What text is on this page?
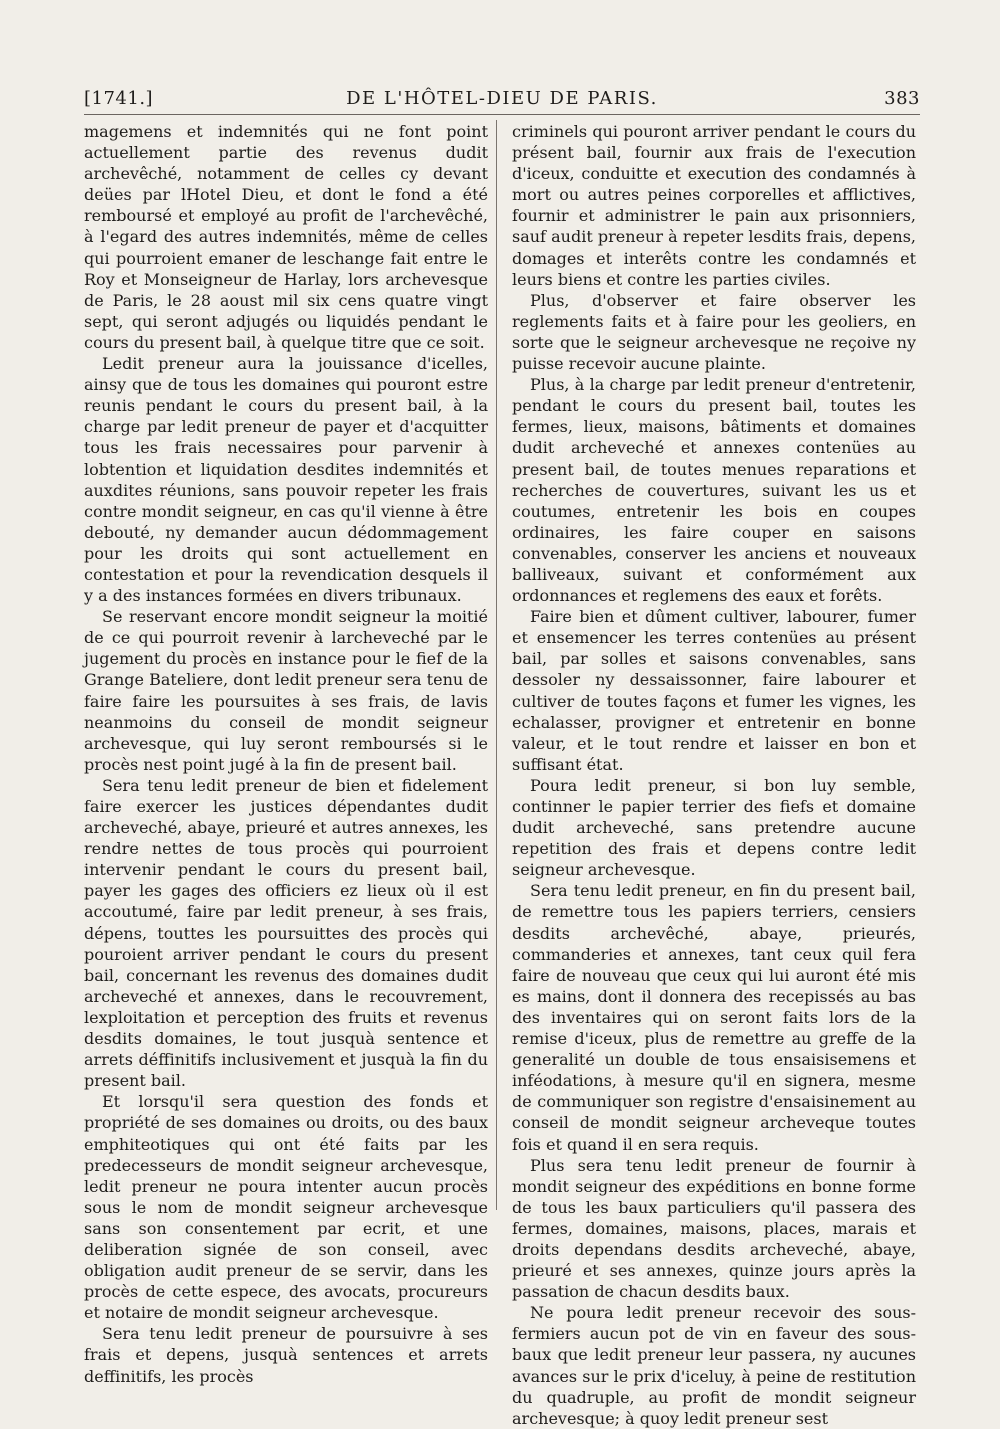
[1741.]	DE L'HÔTEL-DIEU DE PARIS.	383

magemens et indemnités qui ne font point actuellement partie des revenus dudit archevêché, notamment de celles cy devant deües par lHotel Dieu, et dont le fond a été remboursé et employé au profit de l'archevêché, à l'egard des autres indemnités, même de celles qui pourroient emaner de leschange fait entre le Roy et Monseigneur de Harlay, lors archevesque de Paris, le 28 aoust mil six cens quatre vingt sept, qui seront adjugés ou liquidés pendant le cours du present bail, à quelque titre que ce soit.

Ledit preneur aura la jouissance d'icelles, ainsy que de tous les domaines qui pouront estre reunis pendant le cours du present bail, à la charge par ledit preneur de payer et d'acquitter tous les frais necessaires pour parvenir à lobtention et liquidation desdites indemnités et auxdites réunions, sans pouvoir repeter les frais contre mondit seigneur, en cas qu'il vienne à être debouté, ny demander aucun dédommagement pour les droits qui sont actuellement en contestation et pour la revendication desquels il y a des instances formées en divers tribunaux.

Se reservant encore mondit seigneur la moitié de ce qui pourroit revenir à larcheveché par le jugement du procès en instance pour le fief de la Grange Bateliere, dont ledit preneur sera tenu de faire faire les poursuites à ses frais, de lavis neanmoins du conseil de mondit seigneur archevesque, qui luy seront remboursés si le procès nest point jugé à la fin de present bail.

Sera tenu ledit preneur de bien et fidelement faire exercer les justices dépendantes dudit archeveché, abaye, prieuré et autres annexes, les rendre nettes de tous procès qui pourroient intervenir pendant le cours du present bail, payer les gages des officiers ez lieux où il est accoutumé, faire par ledit preneur, à ses frais, dépens, touttes les poursuittes des procès qui pouroient arriver pendant le cours du present bail, concernant les revenus des domaines dudit archeveché et annexes, dans le recouvrement, lexploitation et perception des fruits et revenus desdits domaines, le tout jusquà sentence et arrets déffinitifs inclusivement et jusquà la fin du present bail.

Et lorsqu'il sera question des fonds et propriété de ses domaines ou droits, ou des baux emphiteotiques qui ont été faits par les predecesseurs de mondit seigneur archevesque, ledit preneur ne poura intenter aucun procès sous le nom de mondit seigneur archevesque sans son consentement par ecrit, et une deliberation signée de son conseil, avec obligation audit preneur de se servir, dans les procès de cette espece, des avocats, procureurs et notaire de mondit seigneur archevesque.

Sera tenu ledit preneur de poursuivre à ses frais et depens, jusquà sentences et arrets deffinitifs, les procès

criminels qui pouront arriver pendant le cours du présent bail, fournir aux frais de l'execution d'iceux, conduitte et execution des condamnés à mort ou autres peines corporelles et afflictives, fournir et administrer le pain aux prisonniers, sauf audit preneur à repeter lesdits frais, depens, domages et interêts contre les condamnés et leurs biens et contre les parties civiles.

Plus, d'observer et faire observer les reglements faits et à faire pour les geoliers, en sorte que le seigneur archevesque ne reçoive ny puisse recevoir aucune plainte.

Plus, à la charge par ledit preneur d'entretenir, pendant le cours du present bail, toutes les fermes, lieux, maisons, bâtiments et domaines dudit archeveché et annexes contenües au present bail, de toutes menues reparations et recherches de couvertures, suivant les us et coutumes, entretenir les bois en coupes ordinaires, les faire couper en saisons convenables, conserver les anciens et nouveaux balliveaux, suivant et conformément aux ordonnances et reglemens des eaux et forêts.

Faire bien et dûment cultiver, labourer, fumer et ensemencer les terres contenües au présent bail, par solles et saisons convenables, sans dessoler ny dessaissonner, faire labourer et cultiver de toutes façons et fumer les vignes, les echalasser, provigner et entretenir en bonne valeur, et le tout rendre et laisser en bon et suffisant état.

Poura ledit preneur, si bon luy semble, continner le papier terrier des fiefs et domaine dudit archeveché, sans pretendre aucune repetition des frais et depens contre ledit seigneur archevesque.

Sera tenu ledit preneur, en fin du present bail, de remettre tous les papiers terriers, censiers desdits archevêché, abaye, prieurés, commanderies et annexes, tant ceux quil fera faire de nouveau que ceux qui lui auront été mis es mains, dont il donnera des recepissés au bas des inventaires qui on seront faits lors de la remise d'iceux, plus de remettre au greffe de la generalité un double de tous ensaisisemens et inféodations, à mesure qu'il en signera, mesme de communiquer son registre d'ensaisinement au conseil de mondit seigneur archeveque toutes fois et quand il en sera requis.

Plus sera tenu ledit preneur de fournir à mondit seigneur des expéditions en bonne forme de tous les baux particuliers qu'il passera des fermes, domaines, maisons, places, marais et droits dependans desdits archeveché, abaye, prieuré et ses annexes, quinze jours après la passation de chacun desdits baux.

Ne poura ledit preneur recevoir des sous-fermiers aucun pot de vin en faveur des sous-baux que ledit preneur leur passera, ny aucunes avances sur le prix d'iceluy, à peine de restitution du quadruple, au profit de mondit seigneur archevesque; à quoy ledit preneur sest
